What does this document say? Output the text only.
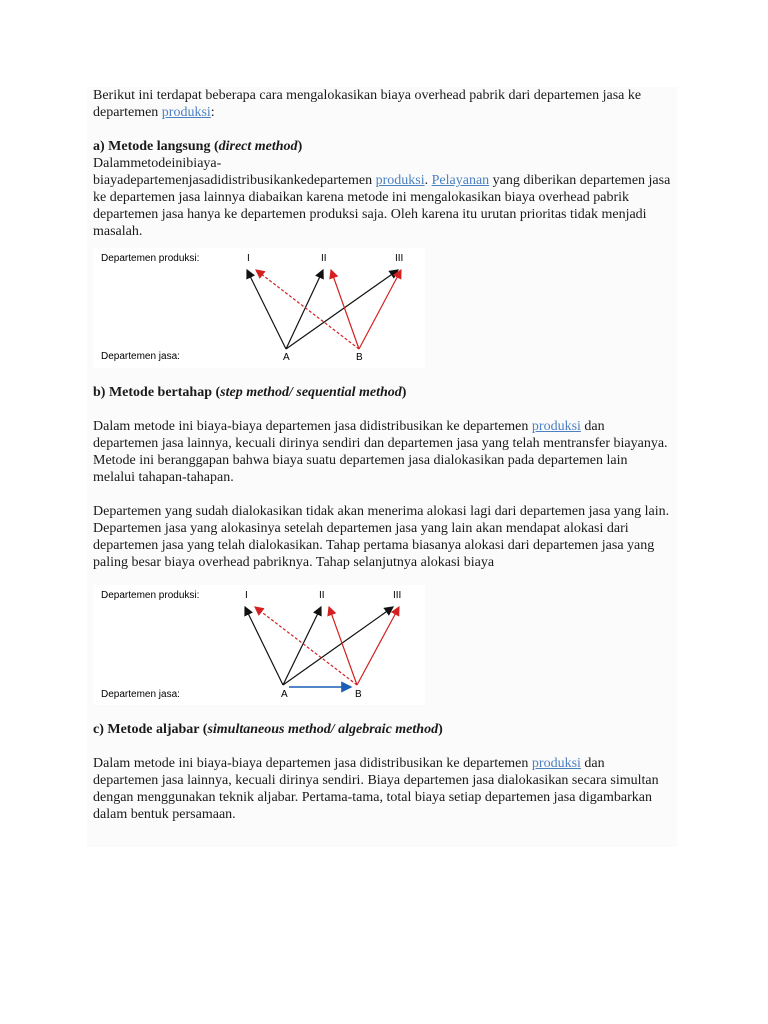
Berikut ini terdapat beberapa cara mengalokasikan biaya overhead pabrik dari departemen jasa ke departemen produksi:

a) Metode langsung (direct method)

Dalammetodeinibiaya-
biayadepartemenjasadidistribusikankedepartemen produksi. Pelayanan yang diberikan departemen jasa ke departemen jasa lainnya diabaikan karena metode ini mengalokasikan biaya overhead pabrik departemen jasa hanya ke departemen produksi saja. Oleh karena itu urutan prioritas tidak menjadi masalah.

Departemen produksi:
Departemen jasa:
I	II	III
A	B

b) Metode bertahap (step method/ sequential method)

Dalam metode ini biaya-biaya departemen jasa didistribusikan ke departemen produksi dan departemen jasa lainnya, kecuali dirinya sendiri dan departemen jasa yang telah mentransfer biayanya. Metode ini beranggapan bahwa biaya suatu departemen jasa dialokasikan pada departemen lain melalui tahapan-tahapan.

Departemen yang sudah dialokasikan tidak akan menerima alokasi lagi dari departemen jasa yang lain. Departemen jasa yang alokasinya setelah departemen jasa yang lain akan mendapat alokasi dari departemen jasa yang telah dialokasikan. Tahap pertama biasanya alokasi dari departemen jasa yang paling besar biaya overhead pabriknya. Tahap selanjutnya alokasi biaya

Departemen produksi:
Departemen jasa:
I	II	III
A	B

c) Metode aljabar (simultaneous method/ algebraic method)

Dalam metode ini biaya-biaya departemen jasa didistribusikan ke departemen produksi dan departemen jasa lainnya, kecuali dirinya sendiri. Biaya departemen jasa dialokasikan secara simultan dengan menggunakan teknik aljabar. Pertama-tama, total biaya setiap departemen jasa digambarkan dalam bentuk persamaan.
